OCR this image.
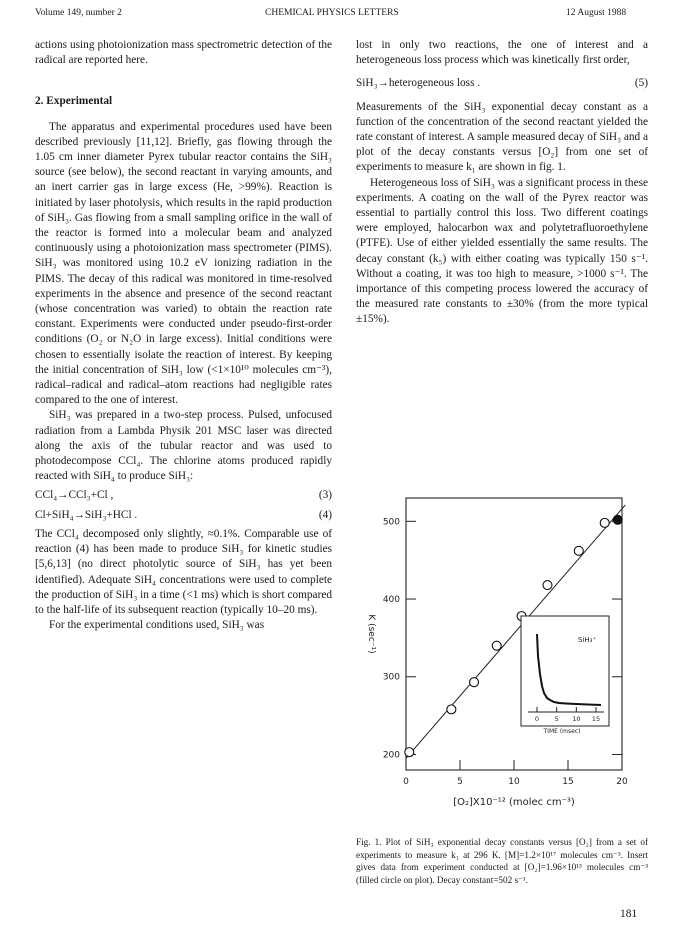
Volume 149, number 2	CHEMICAL PHYSICS LETTERS	12 August 1988

actions using photoionization mass spectrometric detection of the radical are reported here.

2. Experimental

The apparatus and experimental procedures used have been described previously [11,12]. Briefly, gas flowing through the 1.05 cm inner diameter Pyrex tubular reactor contains the SiH₃ source (see below), the second reactant in varying amounts, and an inert carrier gas in large excess (He, >99%). Reaction is initiated by laser photolysis, which results in the rapid production of SiH₃. Gas flowing from a small sampling orifice in the wall of the reactor is formed into a molecular beam and analyzed continuously using a photoionization mass spectrometer (PIMS). SiH₃ was monitored using 10.2 eV ionizing radiation in the PIMS. The decay of this radical was monitored in time-resolved experiments in the absence and presence of the second reactant (whose concentration was varied) to obtain the reaction rate constant. Experiments were conducted under pseudo-first-order conditions (O₂ or N₂O in large excess). Initial conditions were chosen to essentially isolate the reaction of interest. By keeping the initial concentration of SiH₃ low (<1×10¹⁰ molecules cm⁻³), radical–radical and radical–atom reactions had negligible rates compared to the one of interest.

SiH₃ was prepared in a two-step process. Pulsed, unfocused radiation from a Lambda Physik 201 MSC laser was directed along the axis of the tubular reactor and was used to photodecompose CCl₄. The chlorine atoms produced rapidly reacted with SiH₄ to produce SiH₃:

CCl₄→CCl₃+Cl ,	(3)
Cl+SiH₄→SiH₃+HCl .	(4)

The CCl₄ decomposed only slightly, ≈0.1%. Comparable use of reaction (4) has been made to produce SiH₃ for kinetic studies [5,6,13] (no direct photolytic source of SiH₃ has yet been identified). Adequate SiH₄ concentrations were used to complete the production of SiH₃ in a time (<1 ms) which is short compared to the half-life of its subsequent reaction (typically 10–20 ms).

For the experimental conditions used, SiH₃ was

lost in only two reactions, the one of interest and a heterogeneous loss process which was kinetically first order,

SiH₃→heterogeneous loss .	(5)

Measurements of the SiH₃ exponential decay constant as a function of the concentration of the second reactant yielded the rate constant of interest. A sample measured decay of SiH₃ and a plot of the decay constants versus [O₂] from one set of experiments to measure k₁ are shown in fig. 1.

Heterogeneous loss of SiH₃ was a significant process in these experiments. A coating on the wall of the Pyrex reactor was essential to partially control this loss. Two different coatings were employed, halocarbon wax and polytetrafluoroethylene (PTFE). Use of either yielded essentially the same results. The decay constant (k₅) with either coating was typically 150 s⁻¹. Without a coating, it was too high to measure, >1000 s⁻¹. The importance of this competing process lowered the accuracy of the measured rate constants to ±30% (from the more typical ±15%).

200
300
400
500
0	5	10	15	20
K (sec⁻¹)
[O₂]X10⁻¹² (molec cm⁻³)
SiH₃⁺
0 5 10 15
TIME (msec)
Fig. 1. Plot of SiH₃ exponential decay constants versus [O₂] from a set of experiments to measure k₁ at 296 K. [M]=1.2×10¹⁷ molecules cm⁻³. Insert gives data from experiment conducted at [O₂]=1.96×10¹³ molecules cm⁻³ (filled circle on plot). Decay constant=502 s⁻¹.
181
